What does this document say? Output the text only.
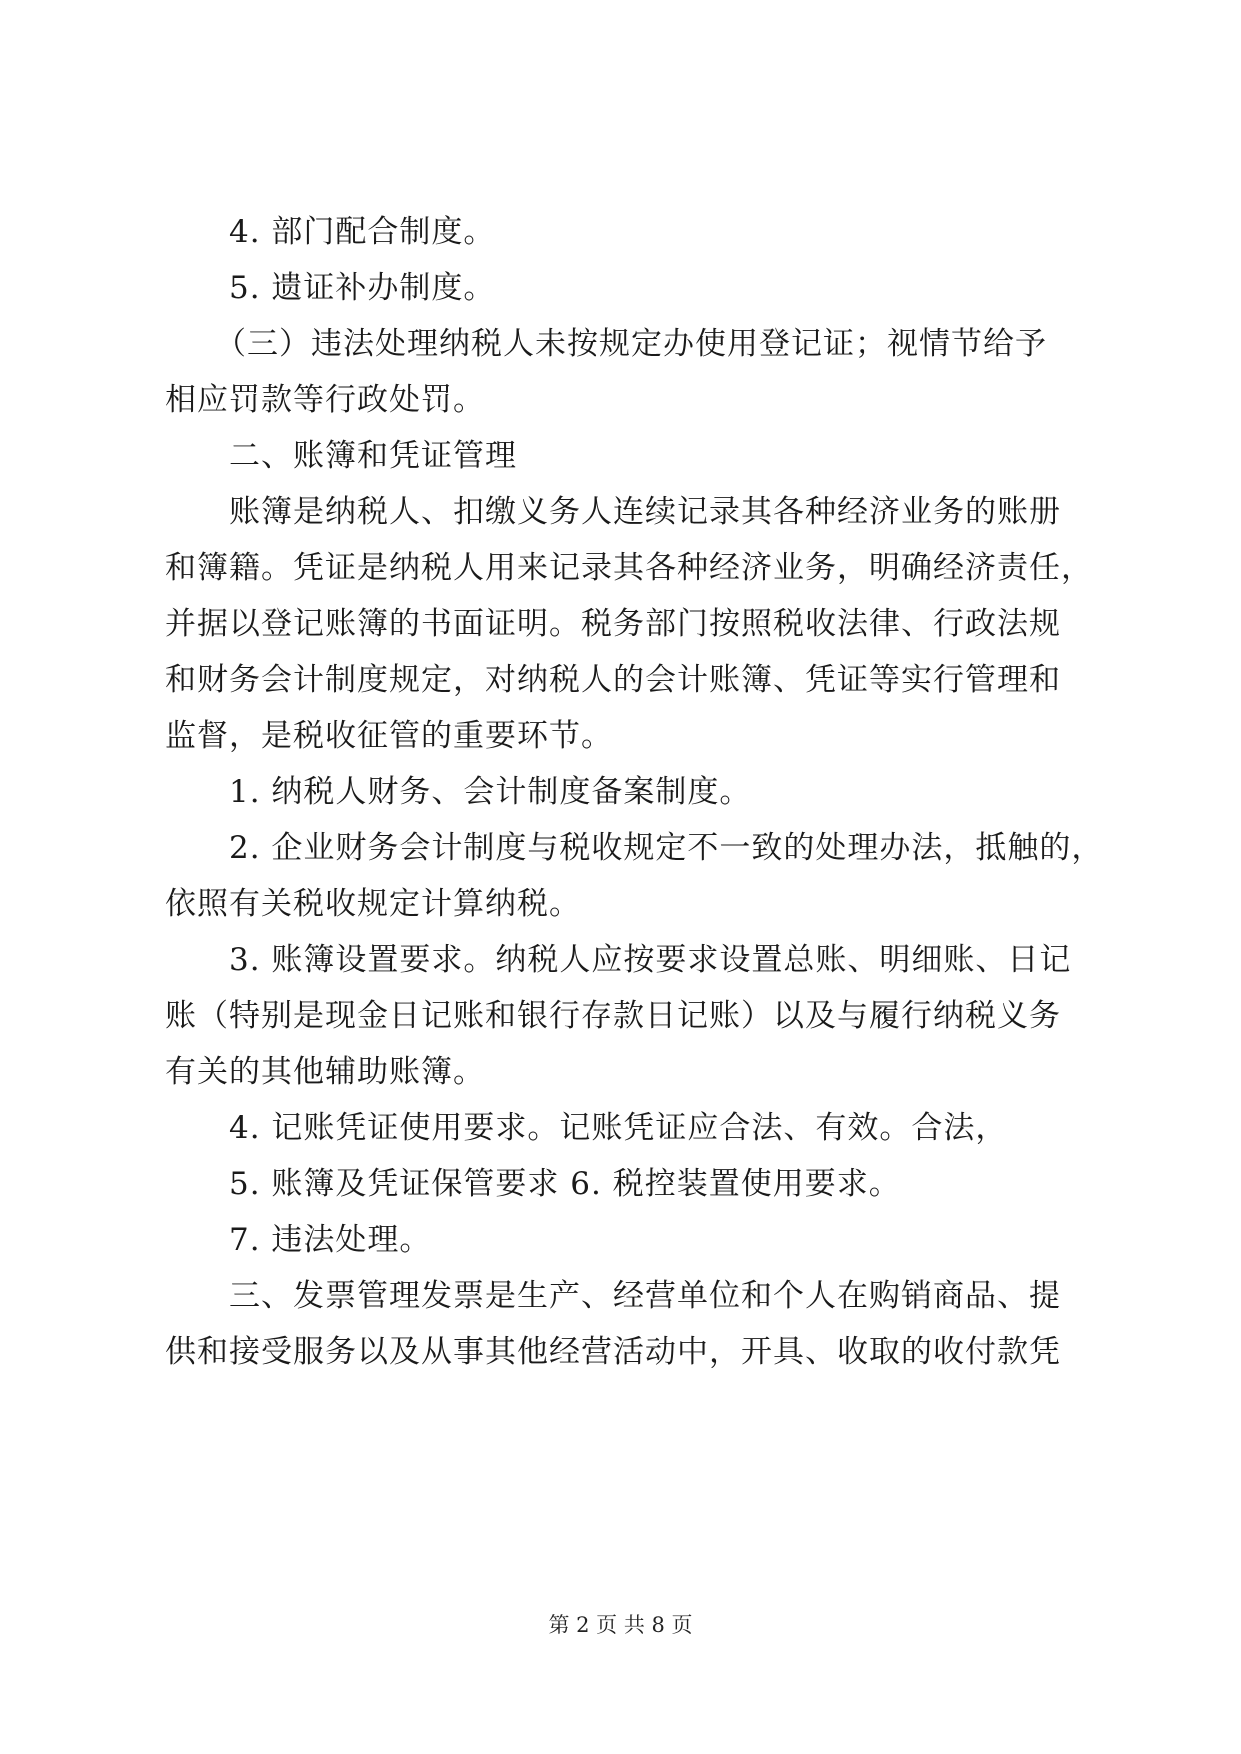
4. 部门配合制度。
5. 遗证补办制度。
（三）违法处理纳税人未按规定办使用登记证；视情节给予
相应罚款等行政处罚。
二、账簿和凭证管理
账簿是纳税人、扣缴义务人连续记录其各种经济业务的账册
和簿籍。凭证是纳税人用来记录其各种经济业务，明确经济责任，
并据以登记账簿的书面证明。税务部门按照税收法律、行政法规
和财务会计制度规定，对纳税人的会计账簿、凭证等实行管理和
监督，是税收征管的重要环节。
1. 纳税人财务、会计制度备案制度。
2. 企业财务会计制度与税收规定不一致的处理办法，抵触的，
依照有关税收规定计算纳税。
3. 账簿设置要求。纳税人应按要求设置总账、明细账、日记
账（特别是现金日记账和银行存款日记账）以及与履行纳税义务
有关的其他辅助账簿。
4. 记账凭证使用要求。记账凭证应合法、有效。合法，
5. 账簿及凭证保管要求 6. 税控装置使用要求。
7. 违法处理。
三、发票管理发票是生产、经营单位和个人在购销商品、提
供和接受服务以及从事其他经营活动中，开具、收取的收付款凭
第 2 页 共 8 页
